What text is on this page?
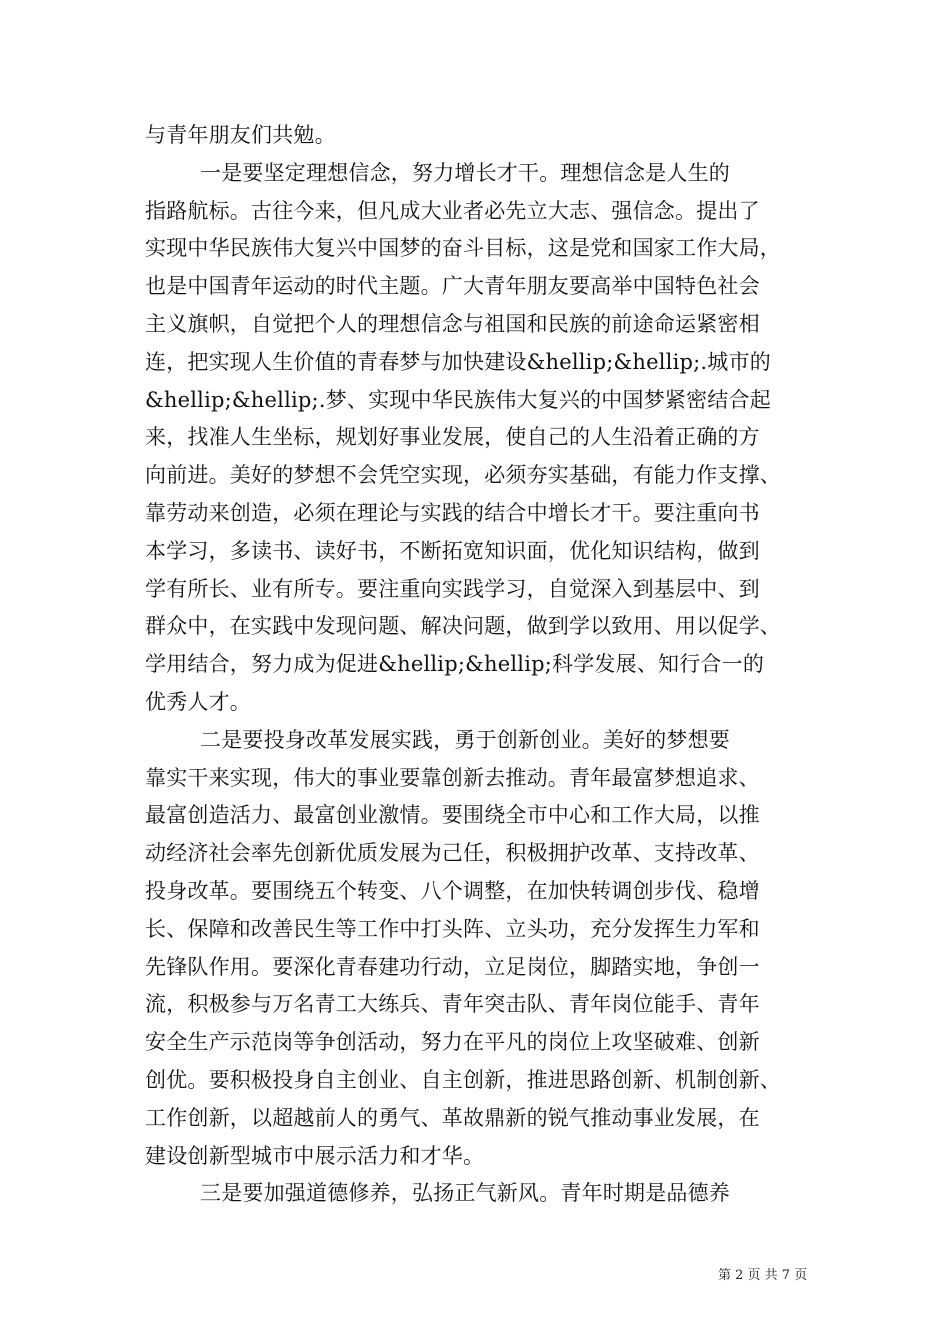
与青年朋友们共勉。
一是要坚定理想信念，努力增长才干。理想信念是人生的
指路航标。古往今来，但凡成大业者必先立大志、强信念。提出了
实现中华民族伟大复兴中国梦的奋斗目标，这是党和国家工作大局，
也是中国青年运动的时代主题。广大青年朋友要高举中国特色社会
主义旗帜，自觉把个人的理想信念与祖国和民族的前途命运紧密相
连，把实现人生价值的青春梦与加快建设&hellip;&hellip;.城市的
&hellip;&hellip;.梦、实现中华民族伟大复兴的中国梦紧密结合起
来，找准人生坐标，规划好事业发展，使自己的人生沿着正确的方
向前进。美好的梦想不会凭空实现，必须夯实基础，有能力作支撑、
靠劳动来创造，必须在理论与实践的结合中增长才干。要注重向书
本学习，多读书、读好书，不断拓宽知识面，优化知识结构，做到
学有所长、业有所专。要注重向实践学习，自觉深入到基层中、到
群众中，在实践中发现问题、解决问题，做到学以致用、用以促学、
学用结合，努力成为促进&hellip;&hellip;科学发展、知行合一的
优秀人才。
二是要投身改革发展实践，勇于创新创业。美好的梦想要
靠实干来实现，伟大的事业要靠创新去推动。青年最富梦想追求、
最富创造活力、最富创业激情。要围绕全市中心和工作大局，以推
动经济社会率先创新优质发展为己任，积极拥护改革、支持改革、
投身改革。要围绕五个转变、八个调整，在加快转调创步伐、稳增
长、保障和改善民生等工作中打头阵、立头功，充分发挥生力军和
先锋队作用。要深化青春建功行动，立足岗位，脚踏实地，争创一
流，积极参与万名青工大练兵、青年突击队、青年岗位能手、青年
安全生产示范岗等争创活动，努力在平凡的岗位上攻坚破难、创新
创优。要积极投身自主创业、自主创新，推进思路创新、机制创新、
工作创新，以超越前人的勇气、革故鼎新的锐气推动事业发展，在
建设创新型城市中展示活力和才华。
三是要加强道德修养，弘扬正气新风。青年时期是品德养
第 2 页 共 7 页
